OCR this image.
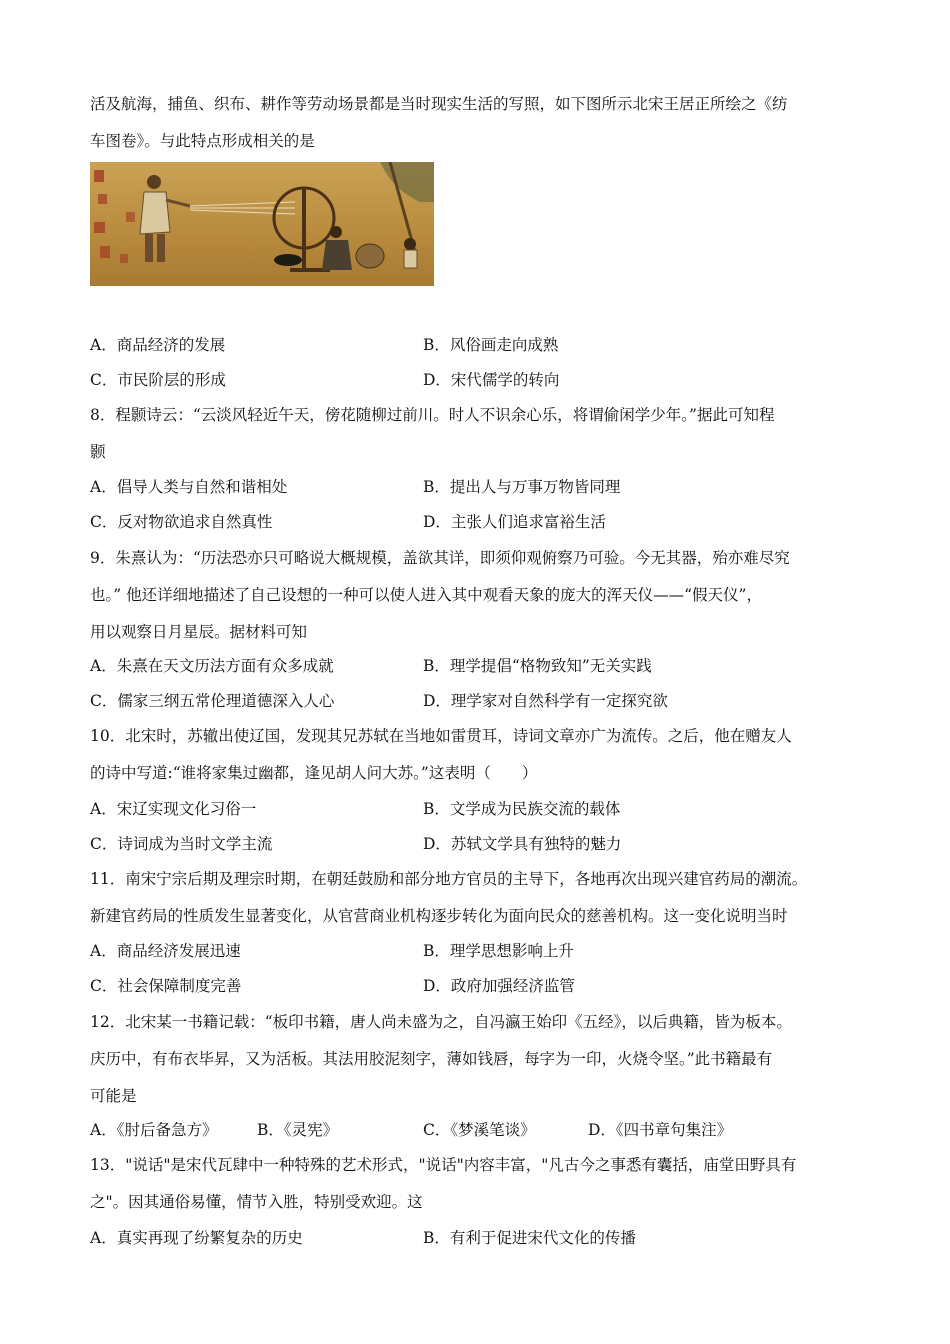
活及航海，捕鱼、织布、耕作等劳动场景都是当时现实生活的写照，如下图所示北宋王居正所绘之《纺
车图卷》。与此特点形成相关的是
A．商品经济的发展	B．风俗画走向成熟
C．市民阶层的形成	D．宋代儒学的转向
8．程颢诗云：“云淡风轻近午天，傍花随柳过前川。时人不识余心乐，将谓偷闲学少年。”据此可知程
颢
A．倡导人类与自然和谐相处	B．提出人与万事万物皆同理
C．反对物欲追求自然真性	D．主张人们追求富裕生活
9．朱熹认为：“历法恐亦只可略说大概规模，盖欲其详，即须仰观俯察乃可验。今无其器，殆亦难尽究
也。” 他还详细地描述了自己设想的一种可以使人进入其中观看天象的庞大的浑天仪——“假天仪”，
用以观察日月星辰。据材料可知
A．朱熹在天文历法方面有众多成就	B．理学提倡“格物致知”无关实践
C．儒家三纲五常伦理道德深入人心	D．理学家对自然科学有一定探究欲
10．北宋时，苏辙出使辽国，发现其兄苏轼在当地如雷贯耳，诗词文章亦广为流传。之后，他在赠友人
的诗中写道:“谁将家集过幽都，逢见胡人问大苏。”这表明（　　）
A．宋辽实现文化习俗一	B．文学成为民族交流的载体
C．诗词成为当时文学主流	D．苏轼文学具有独特的魅力
11．南宋宁宗后期及理宗时期，在朝廷鼓励和部分地方官员的主导下，各地再次出现兴建官药局的潮流。
新建官药局的性质发生显著变化，从官营商业机构逐步转化为面向民众的慈善机构。这一变化说明当时
A．商品经济发展迅速	B．理学思想影响上升
C．社会保障制度完善	D．政府加强经济监管
12．北宋某一书籍记载：“板印书籍，唐人尚未盛为之，自冯瀛王始印《五经》，以后典籍，皆为板本。
庆历中，有布衣毕昇，又为活板。其法用胶泥刻字，薄如钱唇，每字为一印，火烧令坚。”此书籍最有
可能是
A．《肘后备急方》	B．《灵宪》	C．《梦溪笔谈》	D．《四书章句集注》
13．"说话"是宋代瓦肆中一种特殊的艺术形式，"说话"内容丰富，"凡古今之事悉有囊括，庙堂田野具有
之"。因其通俗易懂，情节入胜，特别受欢迎。这
A．真实再现了纷繁复杂的历史	B．有利于促进宋代文化的传播
